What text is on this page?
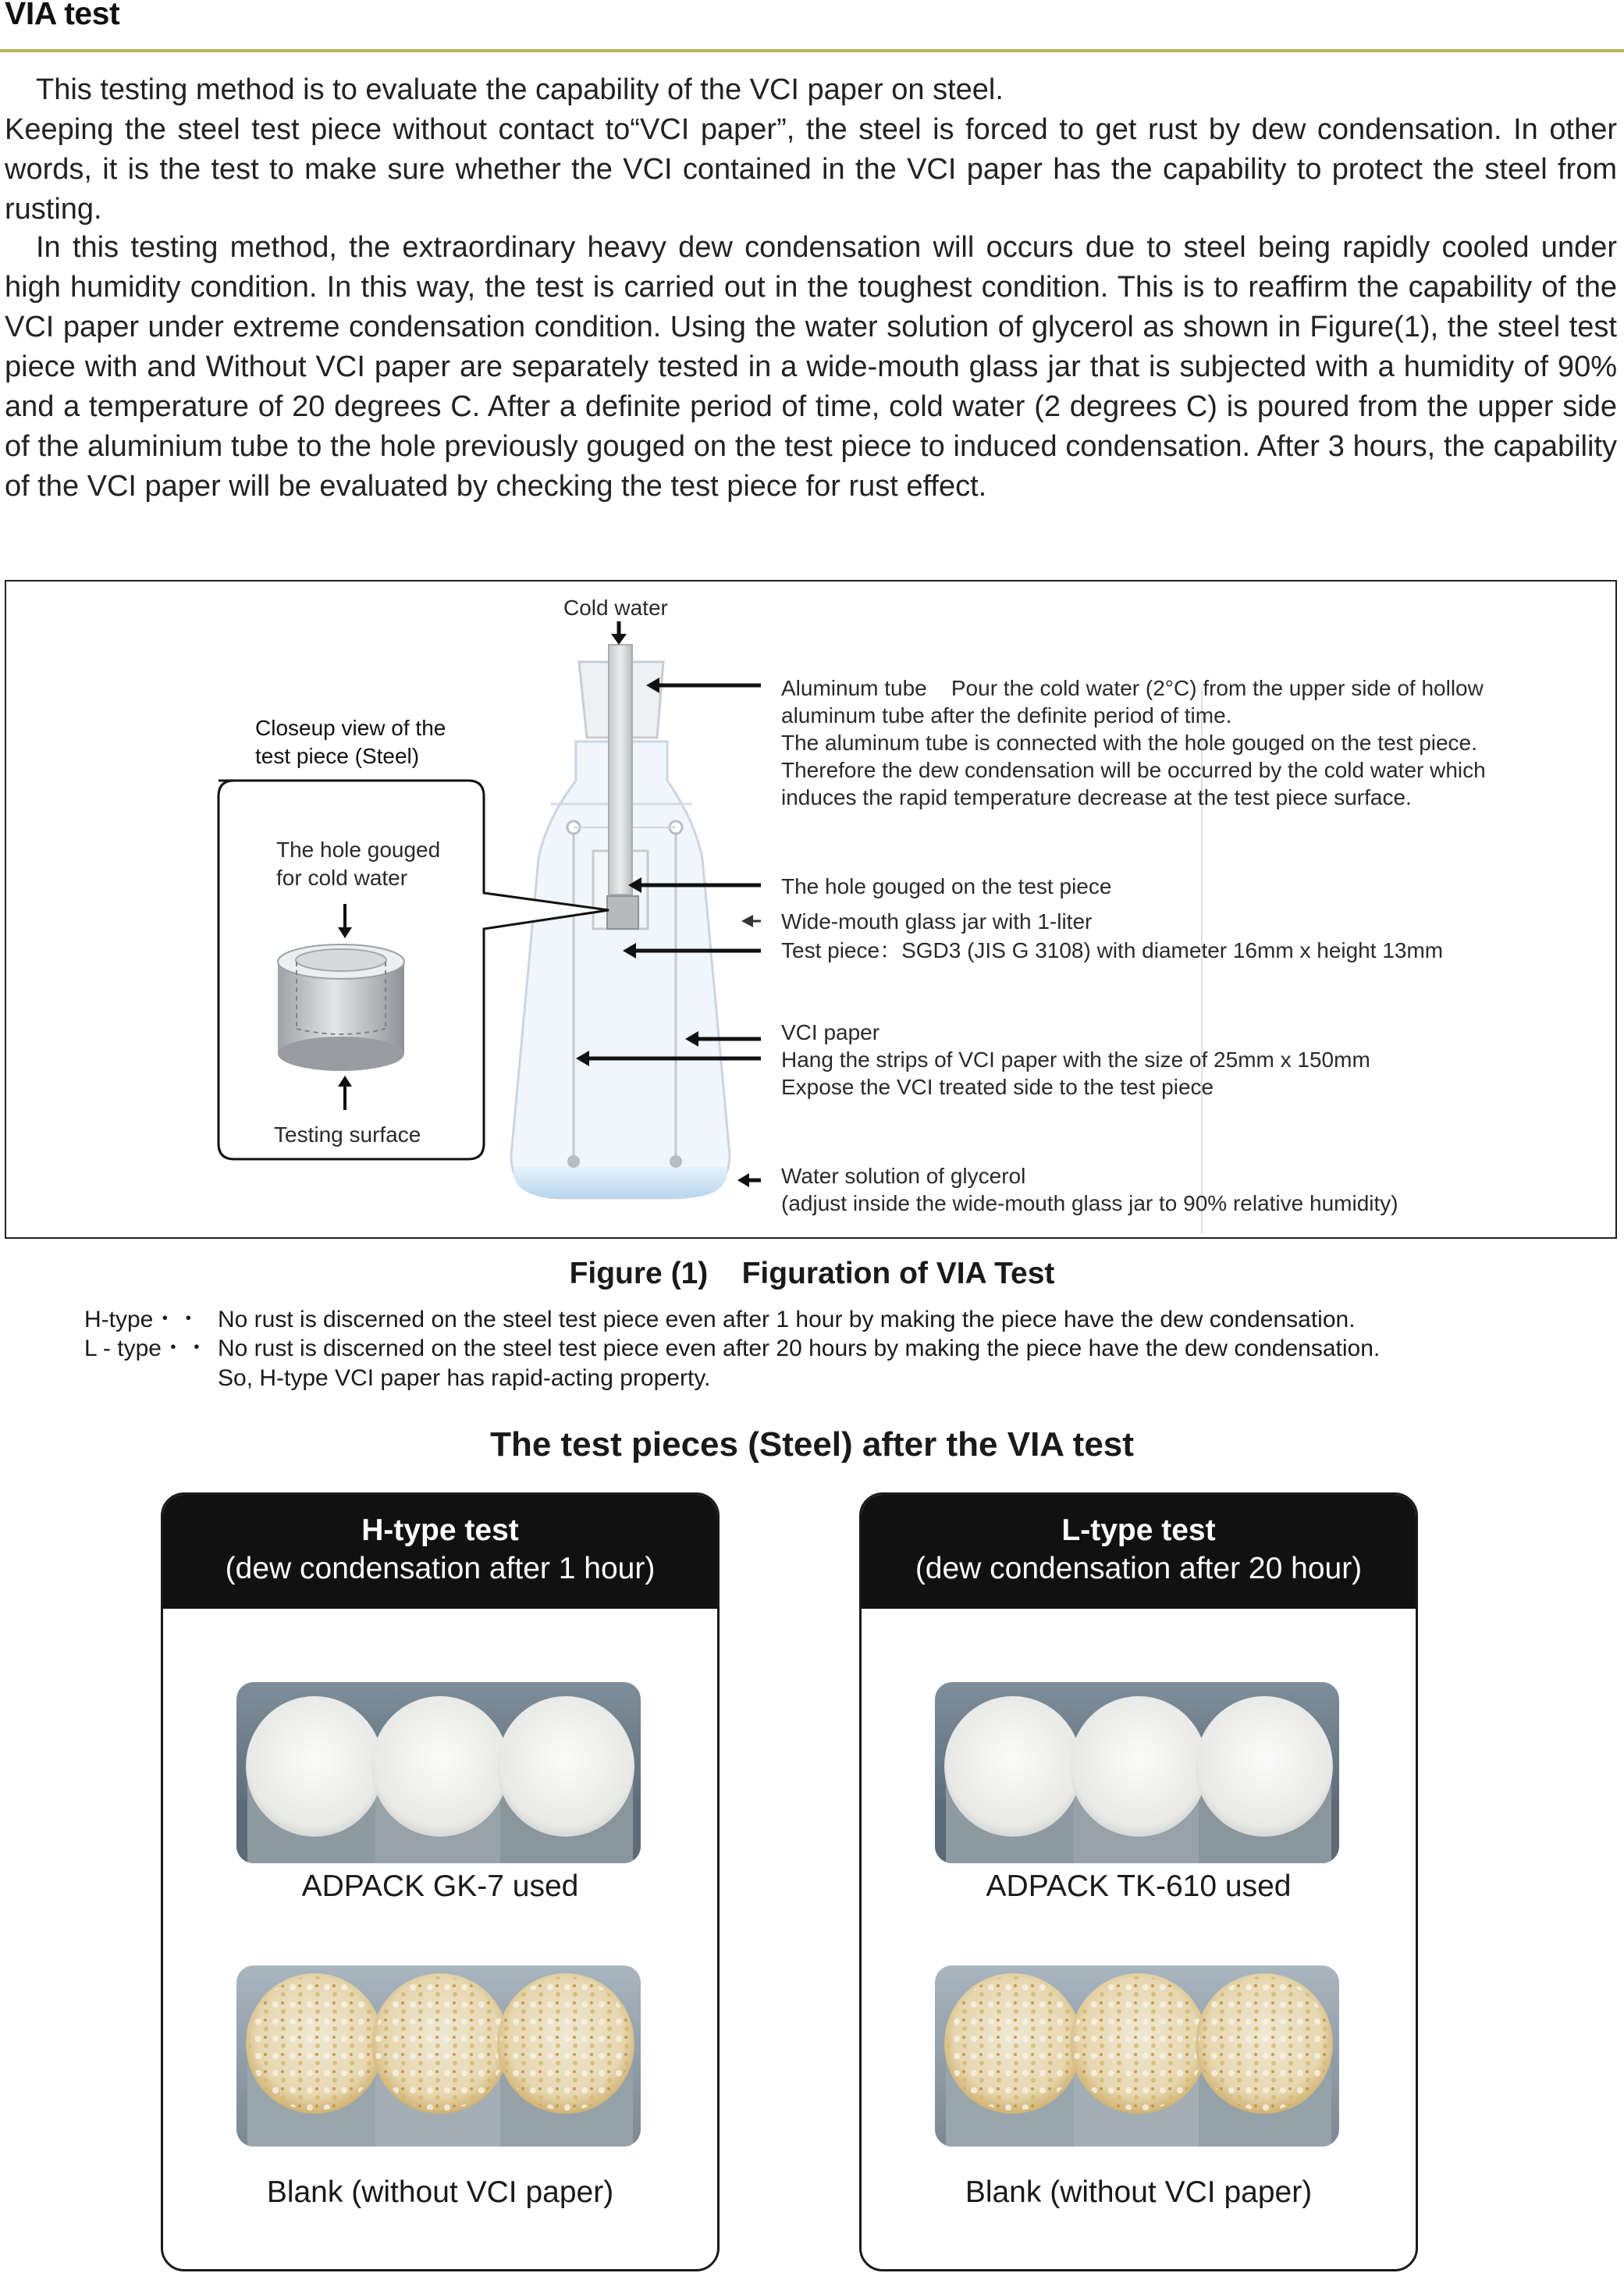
VIA test

This testing method is to evaluate the capability of the VCI paper on steel.

Keeping the steel test piece without contact to“VCI paper”, the steel is forced to get rust by dew condensation. In other words, it is the test to make sure whether the VCI contained in the VCI paper has the capability to protect the steel from rusting.

In this testing method, the extraordinary heavy dew condensation will occurs due to steel being rapidly cooled under high humidity condition. In this way, the test is carried out in the toughest condition. This is to reaffirm the capability of the VCI paper under extreme condensation condition. Using the water solution of glycerol as shown in Figure(1), the steel test piece with and Without VCI paper are separately tested in a wide-mouth glass jar that is subjected with a humidity of 90% and a temperature of 20 degrees C. After a definite period of time, cold water (2 degrees C) is poured from the upper side of the aluminium tube to the hole previously gouged on the test piece to induced condensation. After 3 hours, the capability of the VCI paper will be evaluated by checking the test piece for rust effect.

Cold water
Closeup view of the
test piece (Steel)
The hole gouged
for cold water
Testing surface
Aluminum tube    Pour the cold water (2°C) from the upper side of hollow
aluminum tube after the definite period of time.
The aluminum tube is connected with the hole gouged on the test piece.
Therefore the dew condensation will be occurred by the cold water which
induces the rapid temperature decrease at the test piece surface.
The hole gouged on the test piece
Wide-mouth glass jar with 1-liter
Test piece：SGD3 (JIS G 3108) with diameter 16mm x height 13mm
VCI paper
Hang the strips of VCI paper with the size of 25mm x 150mm
Expose the VCI treated side to the test piece
Water solution of glycerol
(adjust inside the wide-mouth glass jar to 90% relative humidity)
Figure (1)    Figuration of VIA Test
H-type・・ No rust is discerned on the steel test piece even after 1 hour by making the piece have the dew condensation.
L - type・・ No rust is discerned on the steel test piece even after 20 hours by making the piece have the dew condensation.
So, H-type VCI paper has rapid-acting property.
The test pieces (Steel) after the VIA test
H-type test
(dew condensation after 1 hour)
ADPACK GK-7 used
Blank (without VCI paper)
L-type test
(dew condensation after 20 hour)
ADPACK TK-610 used
Blank (without VCI paper)
